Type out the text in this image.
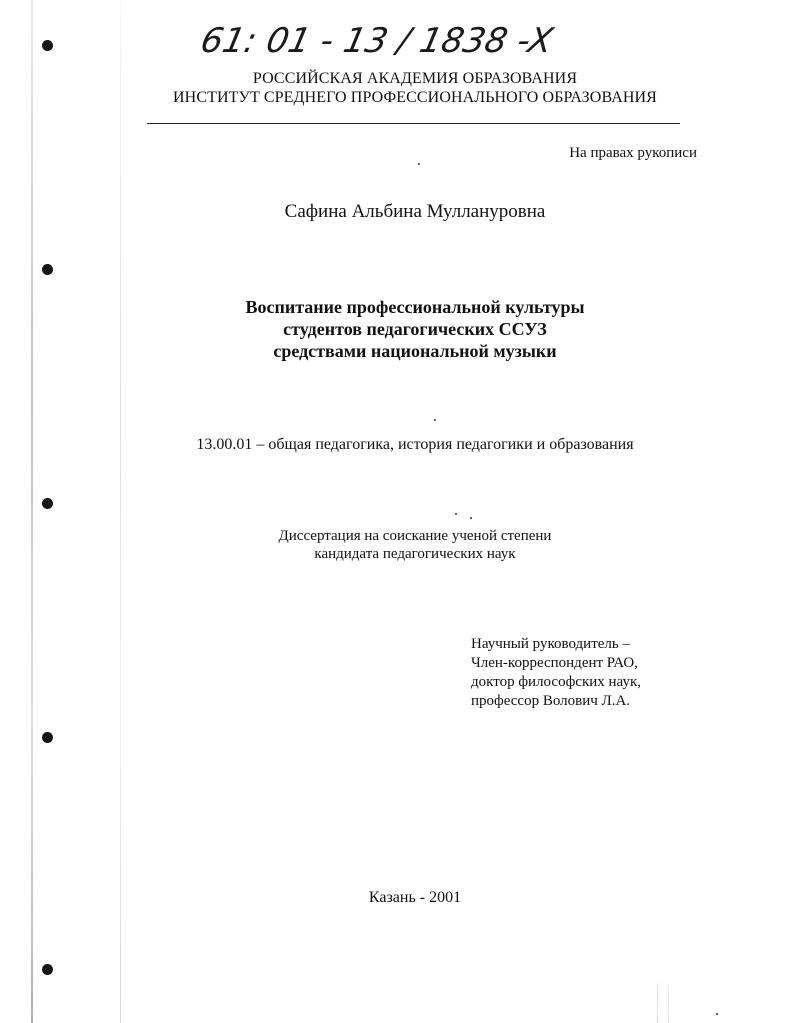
61: 01 - 13 / 1838 -X
РОССИЙСКАЯ АКАДЕМИЯ ОБРАЗОВАНИЯ
ИНСТИТУТ СРЕДНЕГО ПРОФЕССИОНАЛЬНОГО ОБРАЗОВАНИЯ
На правах рукописи
Сафина Альбина Муллануровна
Воспитание профессиональной культуры
студентов педагогических ССУЗ
средствами национальной музыки
13.00.01 – общая педагогика, история педагогики и образования
Диссертация на соискание ученой степени
кандидата педагогических наук
Научный руководитель –
Член-корреспондент РАО,
доктор философских наук,
профессор Волович Л.А.
Казань - 2001
